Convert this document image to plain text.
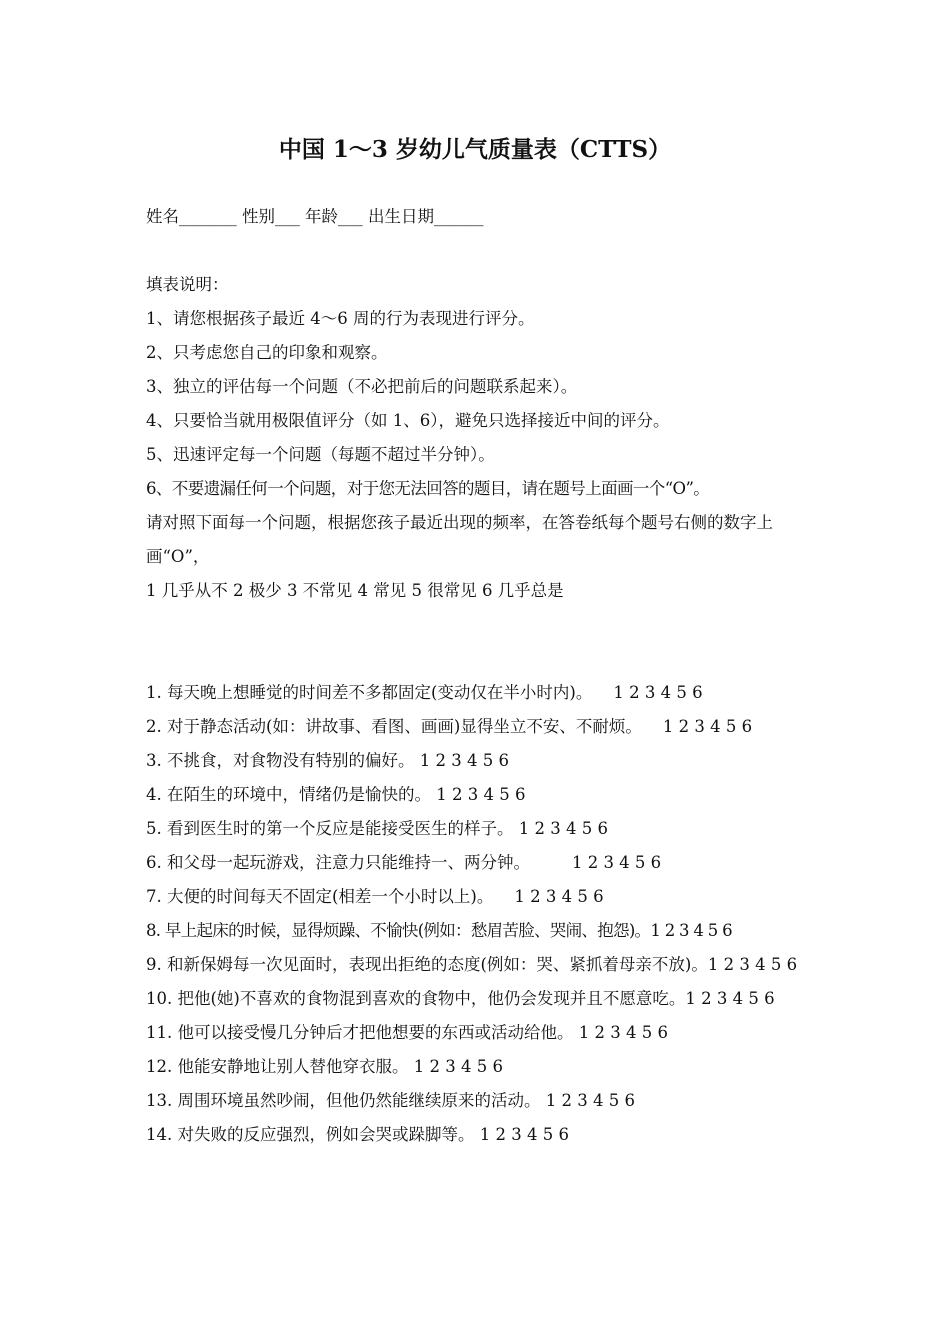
中国 1～3 岁幼儿气质量表（CTTS）
姓名_______ 性别___ 年龄___ 出生日期______
填表说明：
1、请您根据孩子最近 4～6 周的行为表现进行评分。
2、只考虑您自己的印象和观察。
3、独立的评估每一个问题（不必把前后的问题联系起来）。
4、只要恰当就用极限值评分（如 1、6），避免只选择接近中间的评分。
5、迅速评定每一个问题（每题不超过半分钟）。
6、不要遗漏任何一个问题，对于您无法回答的题目，请在题号上面画一个“O”。
请对照下面每一个问题，根据您孩子最近出现的频率，在答卷纸每个题号右侧的数字上画“O”，
1 几乎从不 2 极少 3 不常见 4 常见 5 很常见 6 几乎总是
1. 每天晚上想睡觉的时间差不多都固定(变动仅在半小时内)。    1 2 3 4 5 6
2. 对于静态活动(如：讲故事、看图、画画)显得坐立不安、不耐烦。    1 2 3 4 5 6
3. 不挑食，对食物没有特别的偏好。 1 2 3 4 5 6
4. 在陌生的环境中，情绪仍是愉快的。 1 2 3 4 5 6
5. 看到医生时的第一个反应是能接受医生的样子。 1 2 3 4 5 6
6. 和父母一起玩游戏，注意力只能维持一、两分钟。        1 2 3 4 5 6
7. 大便的时间每天不固定(相差一个小时以上)。    1 2 3 4 5 6
8. 早上起床的时候，显得烦躁、不愉快(例如：愁眉苦脸、哭闹、抱怨)。1 2 3 4 5 6
9. 和新保姆每一次见面时，表现出拒绝的态度(例如：哭、紧抓着母亲不放)。1 2 3 4 5 6
10. 把他(她)不喜欢的食物混到喜欢的食物中，他仍会发现并且不愿意吃。1 2 3 4 5 6
11. 他可以接受慢几分钟后才把他想要的东西或活动给他。 1 2 3 4 5 6
12. 他能安静地让别人替他穿衣服。 1 2 3 4 5 6
13. 周围环境虽然吵闹，但他仍然能继续原来的活动。 1 2 3 4 5 6
14. 对失败的反应强烈，例如会哭或跺脚等。 1 2 3 4 5 6
